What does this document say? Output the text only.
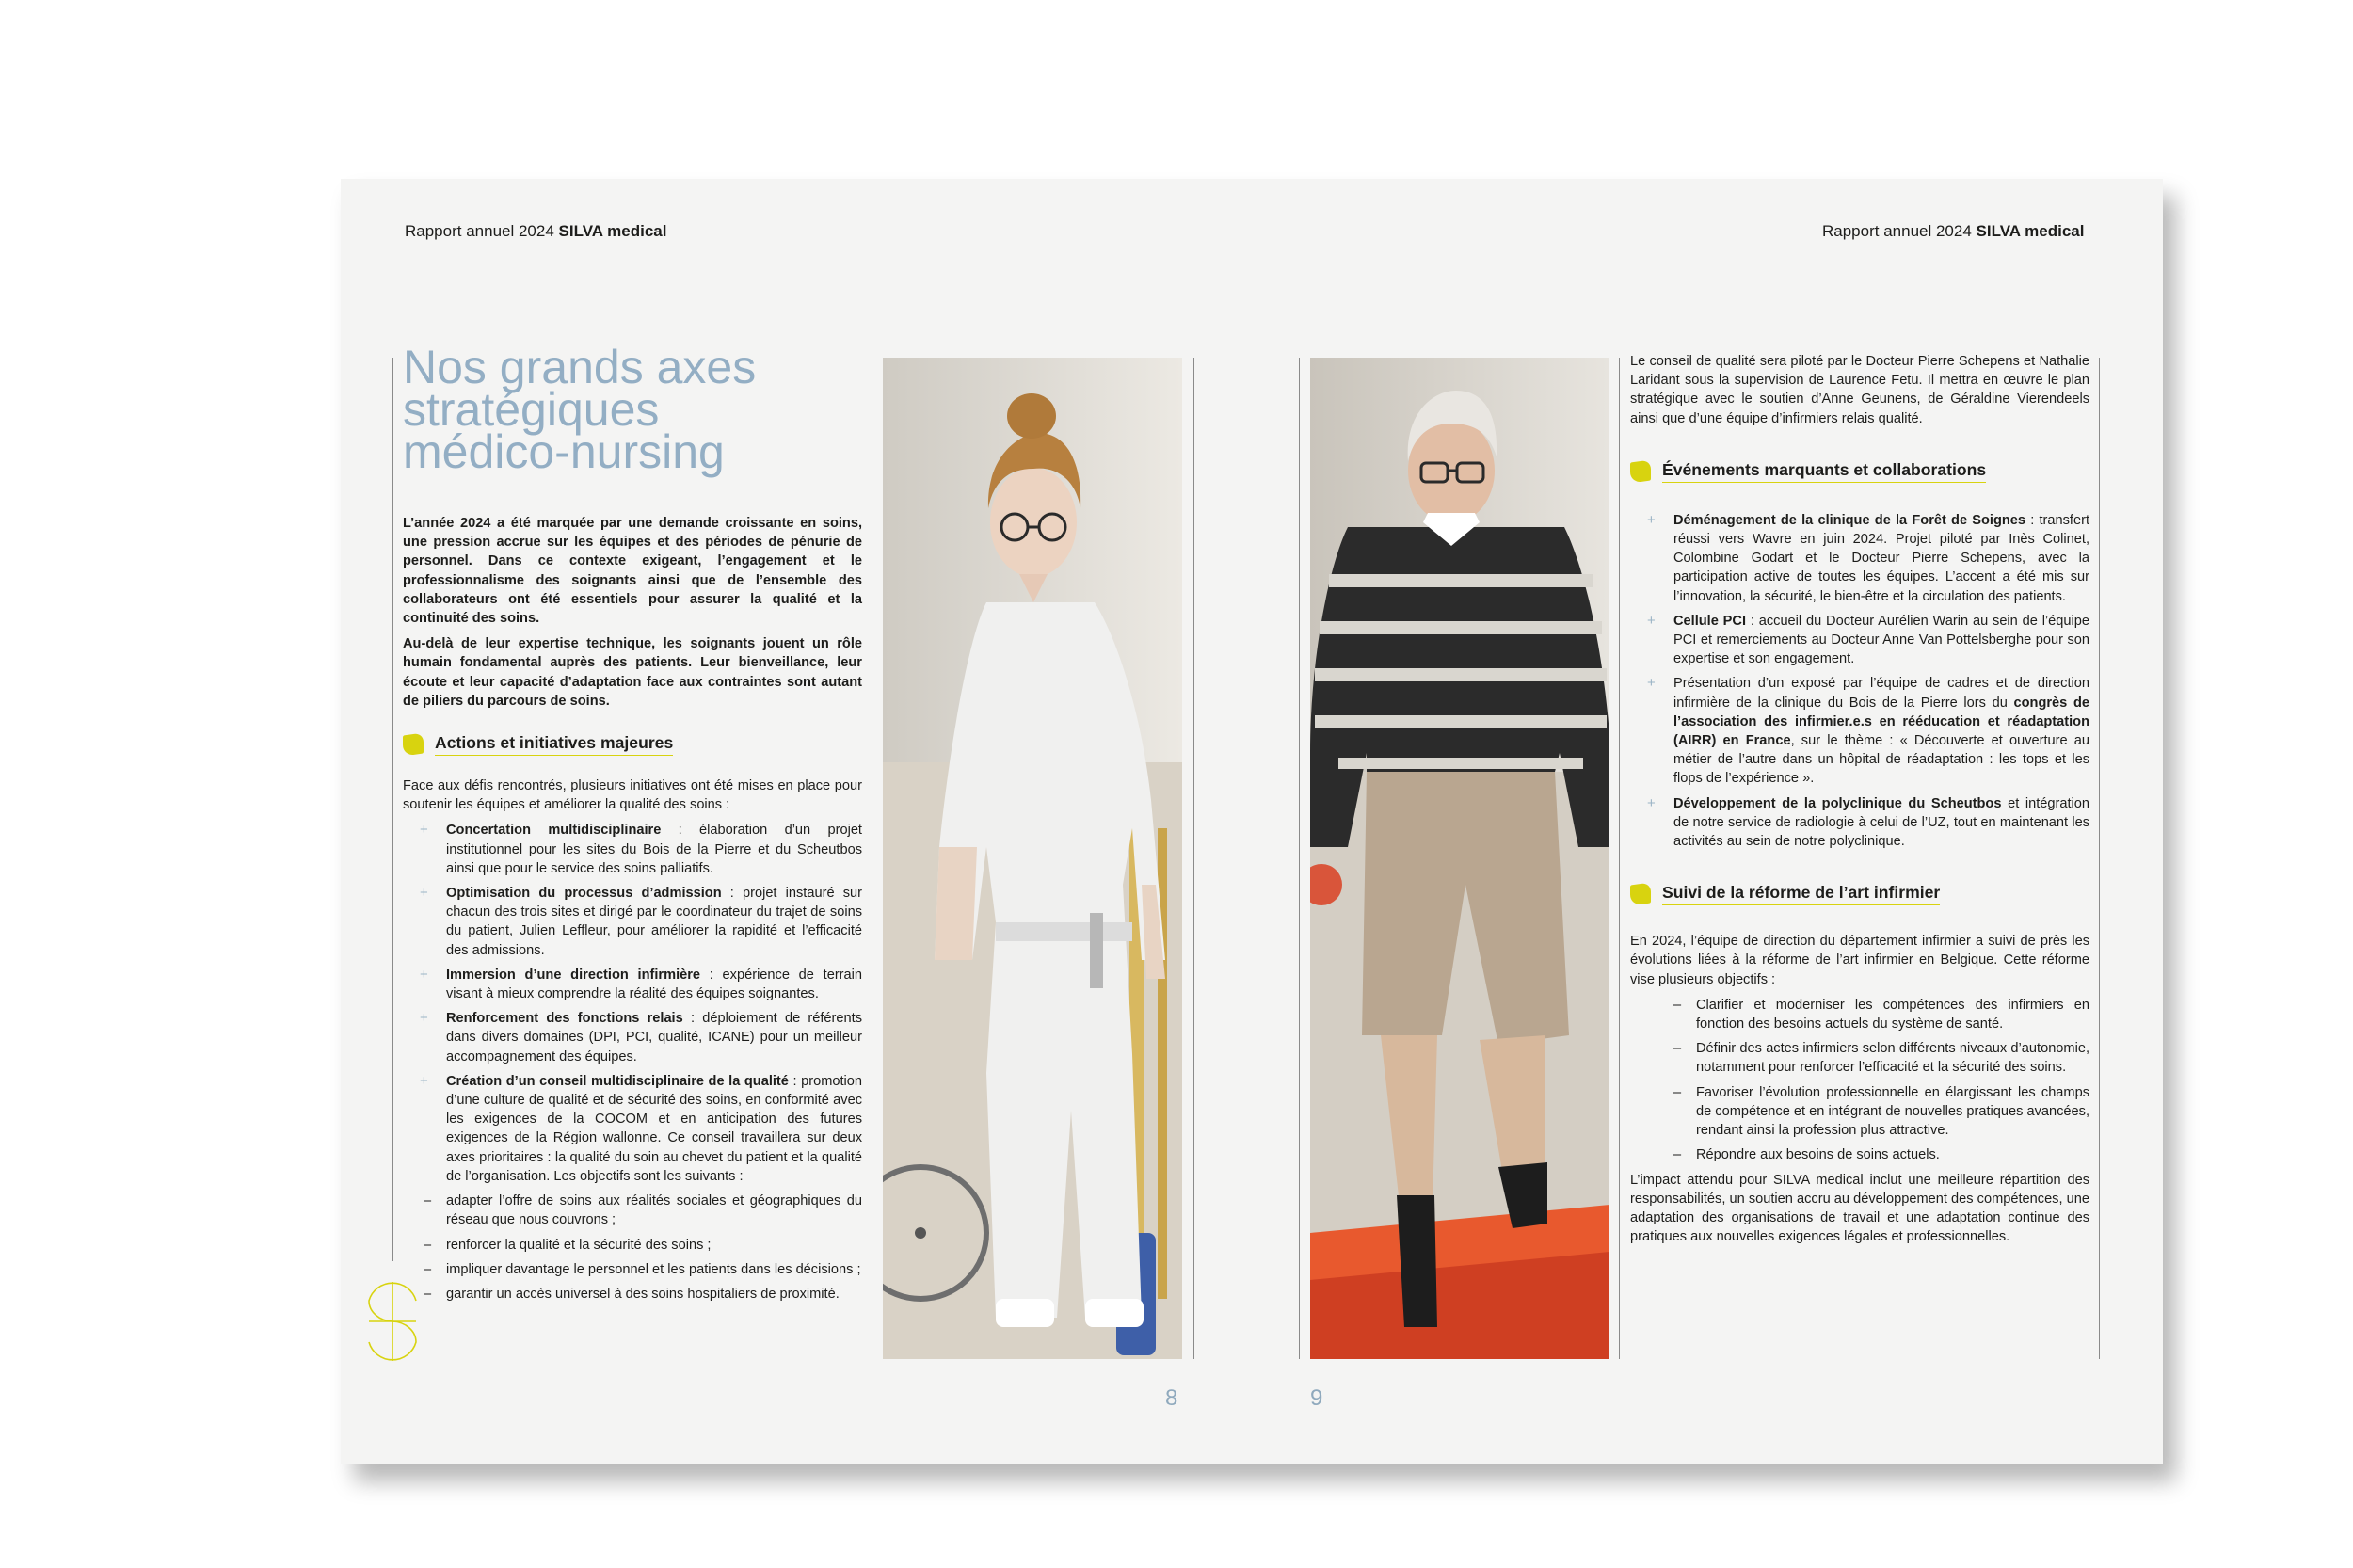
Rapport annuel 2024 SILVA medical	Rapport annuel 2024 SILVA medical
Nos grands axes stratégiques médico-nursing

L’année 2024 a été marquée par une demande croissante en soins, une pression accrue sur les équipes et des périodes de pénurie de personnel. Dans ce contexte exigeant, l’engagement et le professionnalisme des soignants ainsi que de l’ensemble des collaborateurs ont été essentiels pour assurer la qualité et la continuité des soins.

Au-delà de leur expertise technique, les soignants jouent un rôle humain fondamental auprès des patients. Leur bienveillance, leur écoute et leur capacité d’adaptation face aux contraintes sont autant de piliers du parcours de soins.

Actions et initiatives majeures

Face aux défis rencontrés, plusieurs initiatives ont été mises en place pour soutenir les équipes et améliorer la qualité des soins :

+ Concertation multidisciplinaire : élaboration d’un projet institutionnel pour les sites du Bois de la Pierre et du Scheutbos ainsi que pour le service des soins palliatifs.
+ Optimisation du processus d’admission : projet instauré sur chacun des trois sites et dirigé par le coordinateur du trajet de soins du patient, Julien Leffleur, pour améliorer la rapidité et l’efficacité des admissions.
+ Immersion d’une direction infirmière : expérience de terrain visant à mieux comprendre la réalité des équipes soignantes.
+ Renforcement des fonctions relais : déploiement de référents dans divers domaines (DPI, PCI, qualité, ICANE) pour un meilleur accompagnement des équipes.
+ Création d’un conseil multidisciplinaire de la qualité : promotion d’une culture de qualité et de sécurité des soins, en conformité avec les exigences de la COCOM et en anticipation des futures exigences de la Région wallonne. Ce conseil travaillera sur deux axes prioritaires : la qualité du soin au chevet du patient et la qualité de l’organisation. Les objectifs sont les suivants :
– adapter l’offre de soins aux réalités sociales et géographiques du réseau que nous couvrons ;
– renforcer la qualité et la sécurité des soins ;
– impliquer davantage le personnel et les patients dans les décisions ;
– garantir un accès universel à des soins hospitaliers de proximité.

Le conseil de qualité sera piloté par le Docteur Pierre Schepens et Nathalie Laridant sous la supervision de Laurence Fetu. Il mettra en œuvre le plan stratégique avec le soutien d’Anne Geunens, de Géraldine Vierendeels ainsi que d’une équipe d’infirmiers relais qualité.

Événements marquants et collaborations
+ Déménagement de la clinique de la Forêt de Soignes : transfert réussi vers Wavre en juin 2024. Projet piloté par Inès Colinet, Colombine Godart et le Docteur Pierre Schepens, avec la participation active de toutes les équipes. L’accent a été mis sur l’innovation, la sécurité, le bien-être et la circulation des patients.
+ Cellule PCI : accueil du Docteur Aurélien Warin au sein de l’équipe PCI et remerciements au Docteur Anne Van Pottelsberghe pour son expertise et son engagement.
+ Présentation d’un exposé par l’équipe de cadres et de direction infirmière de la clinique du Bois de la Pierre lors du congrès de l’association des infirmier.e.s en rééducation et réadaptation (AIRR) en France, sur le thème : « Découverte et ouverture au métier de l’autre dans un hôpital de réadaptation : les tops et les flops de l’expérience ».
+ Développement de la polyclinique du Scheutbos et intégration de notre service de radiologie à celui de l’UZ, tout en maintenant les activités au sein de notre polyclinique.
Suivi de la réforme de l’art infirmier

En 2024, l’équipe de direction du département infirmier a suivi de près les évolutions liées à la réforme de l’art infirmier en Belgique. Cette réforme vise plusieurs objectifs :

– Clarifier et moderniser les compétences des infirmiers en fonction des besoins actuels du système de santé.
– Définir des actes infirmiers selon différents niveaux d’autonomie, notamment pour renforcer l’efficacité et la sécurité des soins.
– Favoriser l’évolution professionnelle en élargissant les champs de compétence et en intégrant de nouvelles pratiques avancées, rendant ainsi la profession plus attractive.
– Répondre aux besoins de soins actuels.

L’impact attendu pour SILVA medical inclut une meilleure répartition des responsabilités, un soutien accru au développement des compétences, une adaptation des organisations de travail et une adaptation continue des pratiques aux nouvelles exigences légales et professionnelles.

8	9
